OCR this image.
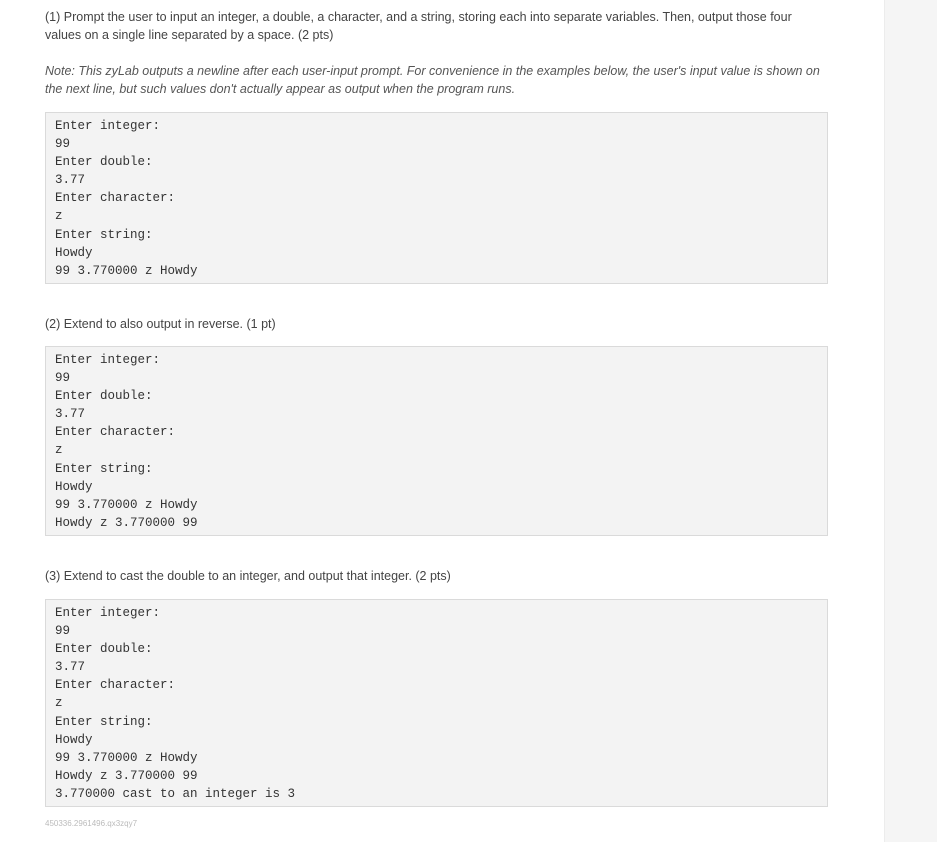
(1) Prompt the user to input an integer, a double, a character, and a string, storing each into separate variables. Then, output those four values on a single line separated by a space. (2 pts)

Note: This zyLab outputs a newline after each user-input prompt. For convenience in the examples below, the user's input value is shown on the next line, but such values don't actually appear as output when the program runs.

Enter integer:
99
Enter double:
3.77
Enter character:
z
Enter string:
Howdy
99 3.770000 z Howdy

(2) Extend to also output in reverse. (1 pt)

Enter integer:
99
Enter double:
3.77
Enter character:
z
Enter string:
Howdy
99 3.770000 z Howdy
Howdy z 3.770000 99

(3) Extend to cast the double to an integer, and output that integer. (2 pts)

Enter integer:
99
Enter double:
3.77
Enter character:
z
Enter string:
Howdy
99 3.770000 z Howdy
Howdy z 3.770000 99
3.770000 cast to an integer is 3
450336.2961496.qx3zqy7
